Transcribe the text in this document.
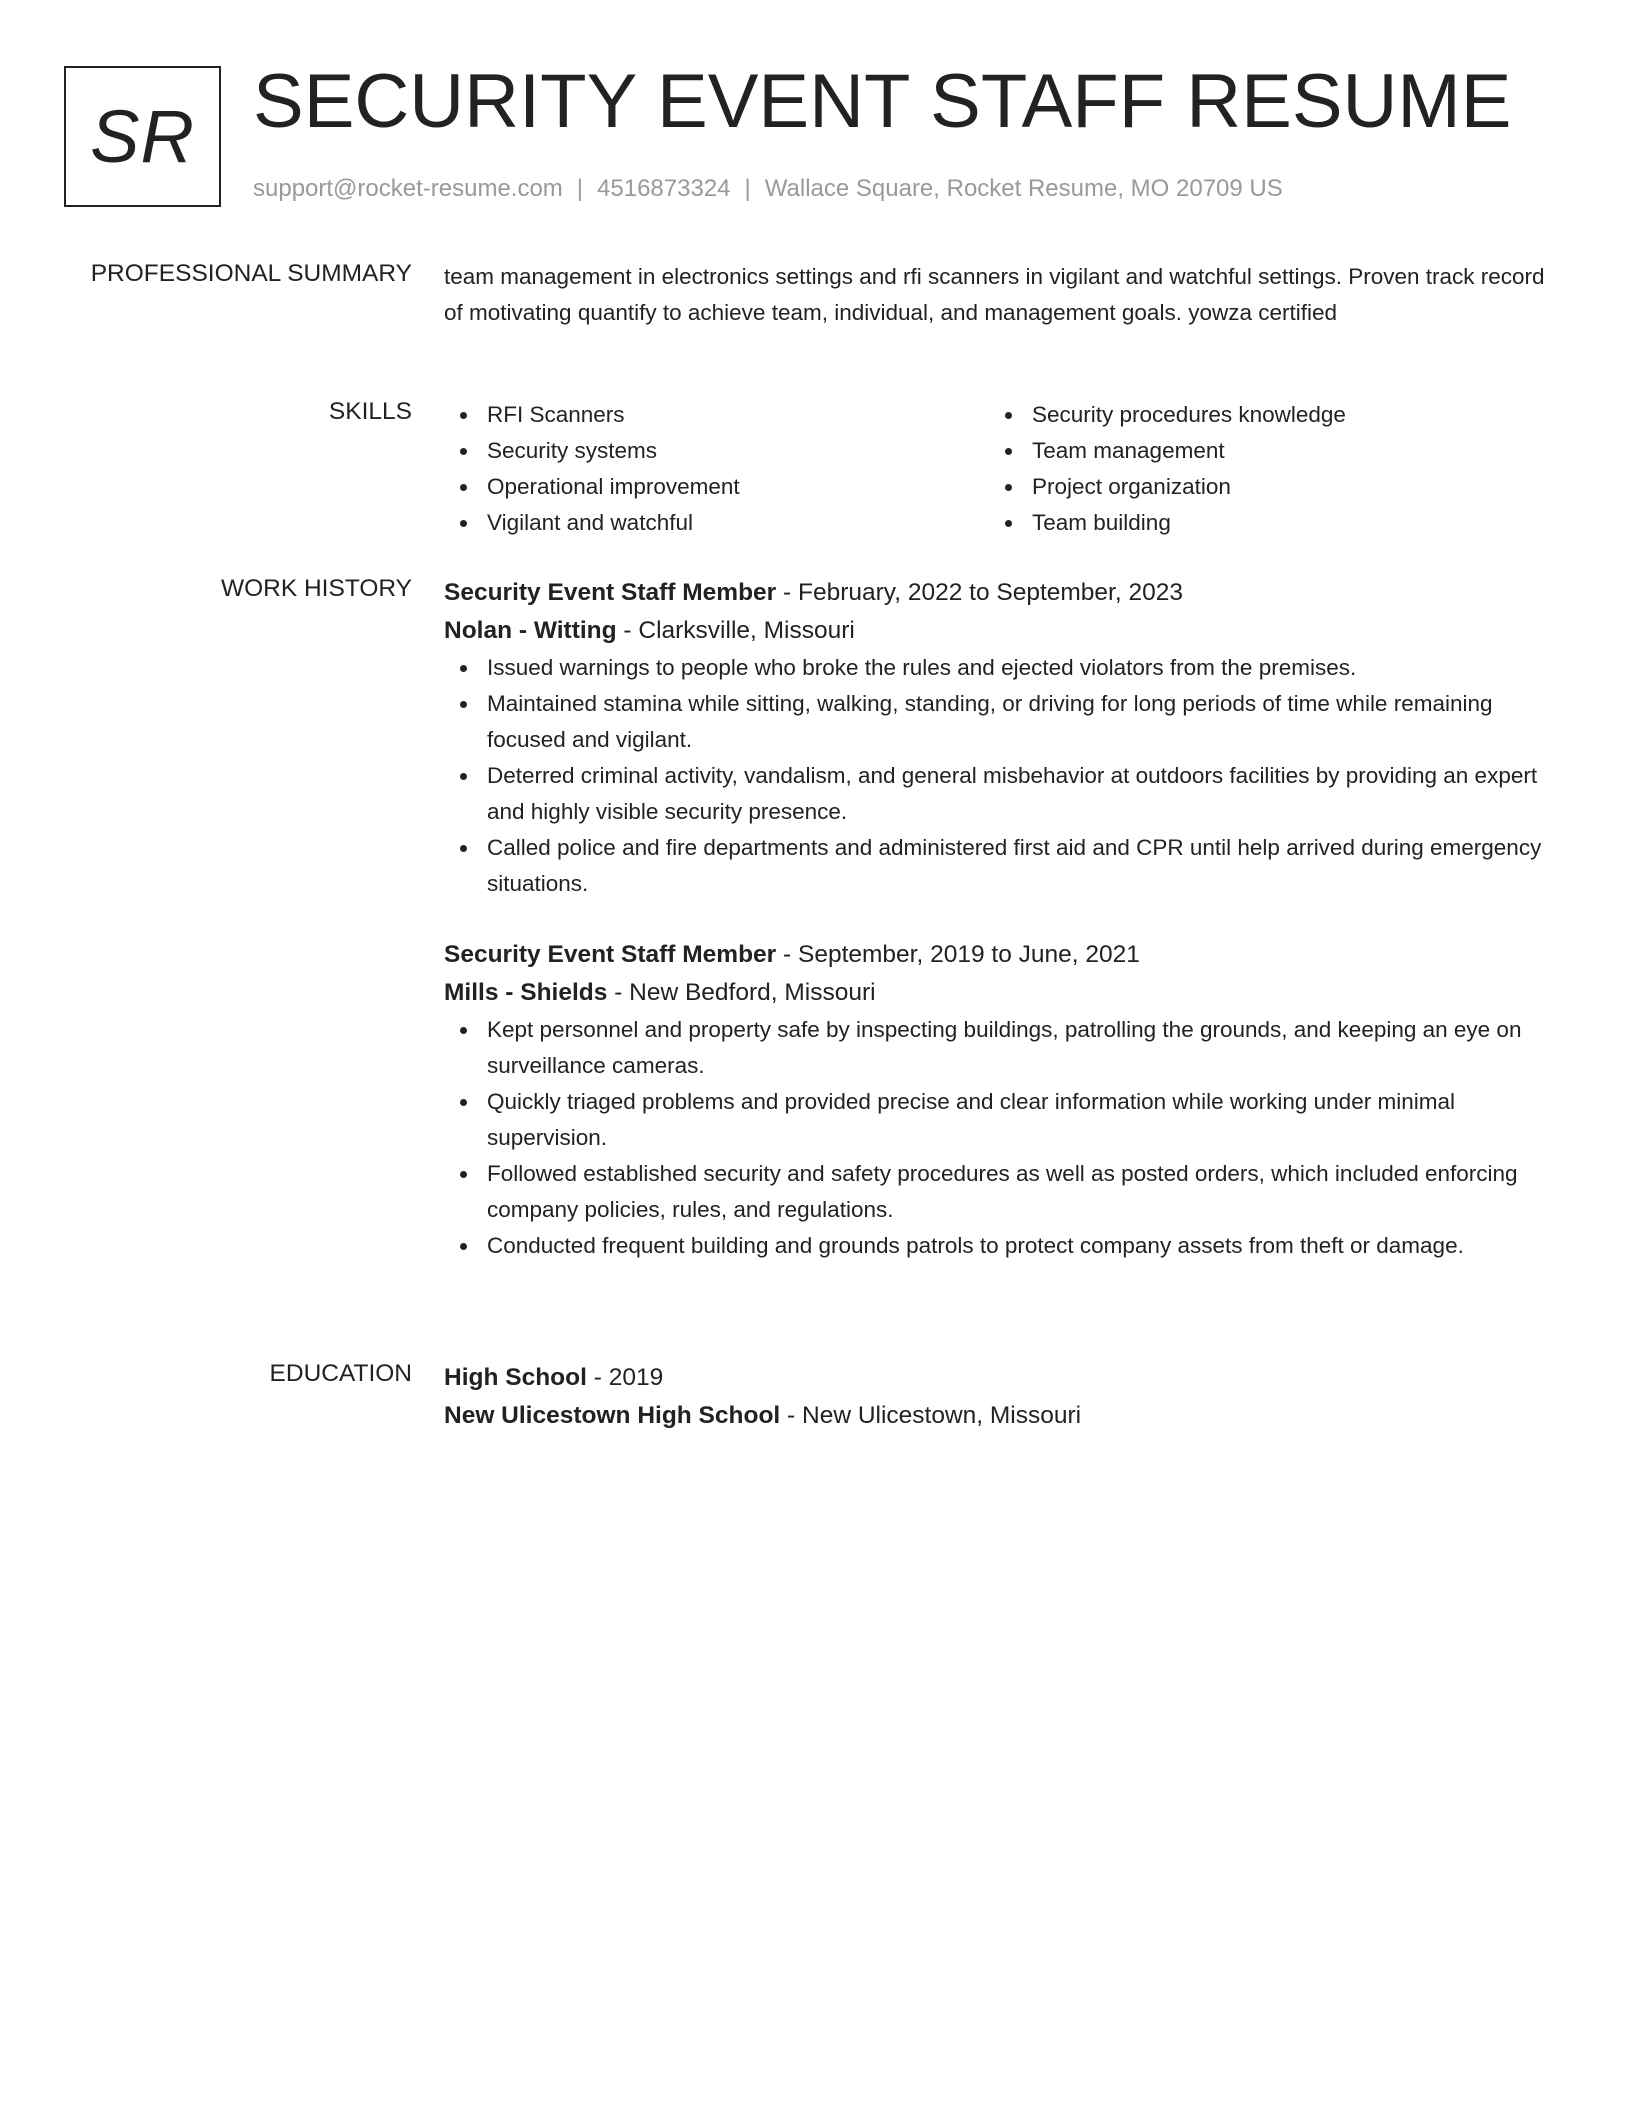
SR SECURITY EVENT STAFF RESUME
support@rocket-resume.com | 4516873324 | Wallace Square, Rocket Resume, MO 20709 US
PROFESSIONAL SUMMARY team management in electronics settings and rfi scanners in vigilant and watchful settings. Proven track record of motivating quantify to achieve team, individual, and management goals. yowza certified

SKILLS	RFI Scanners
Security systems
Operational improvement
Vigilant and watchful
Security procedures knowledge
Team management
Project organization
Team building
WORK HISTORY Security Event Staff Member - February, 2022 to September, 2023
Nolan - Witting - Clarksville, Missouri
Issued warnings to people who broke the rules and ejected violators from the premises.
Maintained stamina while sitting, walking, standing, or driving for long periods of time while remaining focused and vigilant.
Deterred criminal activity, vandalism, and general misbehavior at outdoors facilities by providing an expert and highly visible security presence.
Called police and fire departments and administered first aid and CPR until help arrived during emergency situations.
Security Event Staff Member - September, 2019 to June, 2021
Mills - Shields - New Bedford, Missouri
Kept personnel and property safe by inspecting buildings, patrolling the grounds, and keeping an eye on surveillance cameras.
Quickly triaged problems and provided precise and clear information while working under minimal supervision.
Followed established security and safety procedures as well as posted orders, which included enforcing company policies, rules, and regulations.
Conducted frequent building and grounds patrols to protect company assets from theft or damage.
EDUCATION High School - 2019
New Ulicestown High School - New Ulicestown, Missouri
